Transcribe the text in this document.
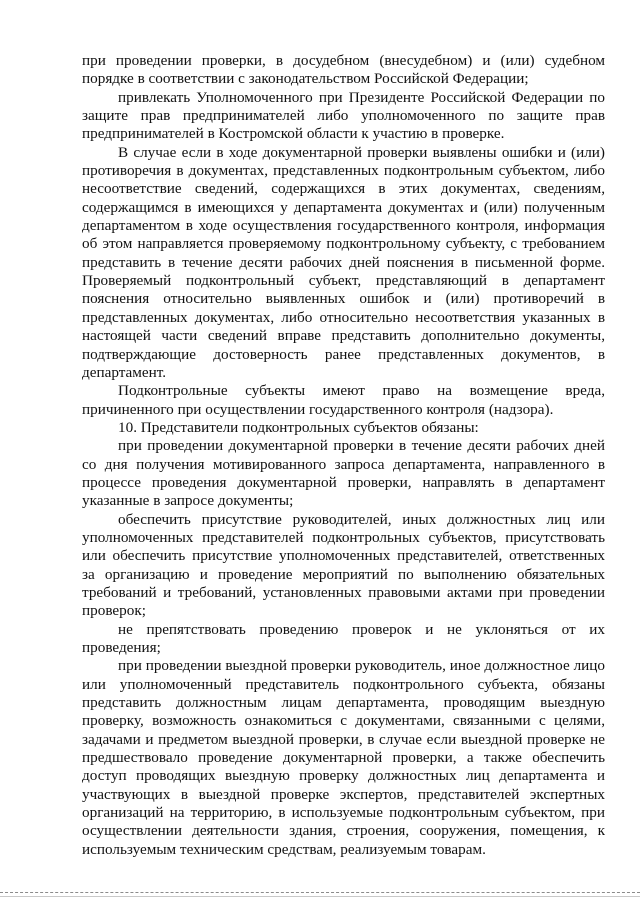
при проведении проверки, в досудебном (внесудебном) и (или) судебном порядке в соответствии с законодательством Российской Федерации;

привлекать Уполномоченного при Президенте Российской Федерации по защите прав предпринимателей либо уполномоченного по защите прав предпринимателей в Костромской области к участию в проверке.

В случае если в ходе документарной проверки выявлены ошибки и (или) противоречия в документах, представленных подконтрольным субъектом, либо несоответствие сведений, содержащихся в этих документах, сведениям, содержащимся в имеющихся у департамента документах и (или) полученным департаментом в ходе осуществления государственного контроля, информация об этом направляется проверяемому подконтрольному субъекту, с требованием представить в течение десяти рабочих дней пояснения в письменной форме. Проверяемый подконтрольный субъект, представляющий в департамент пояснения относительно выявленных ошибок и (или) противоречий в представленных документах, либо относительно несоответствия указанных в настоящей части сведений вправе представить дополнительно документы, подтверждающие достоверность ранее представленных документов, в департамент.

Подконтрольные субъекты имеют право на возмещение вреда, причиненного при осуществлении государственного контроля (надзора).

10. Представители подконтрольных субъектов обязаны:

при проведении документарной проверки в течение десяти рабочих дней со дня получения мотивированного запроса департамента, направленного в процессе проведения документарной проверки, направлять в департамент указанные в запросе документы;

обеспечить присутствие руководителей, иных должностных лиц или уполномоченных представителей подконтрольных субъектов, присутствовать или обеспечить присутствие уполномоченных представителей, ответственных за организацию и проведение мероприятий по выполнению обязательных требований и требований, установленных правовыми актами при проведении проверок;

не препятствовать проведению проверок и не уклоняться от их проведения;

при проведении выездной проверки руководитель, иное должностное лицо или уполномоченный представитель подконтрольного субъекта, обязаны представить должностным лицам департамента, проводящим выездную проверку, возможность ознакомиться с документами, связанными с целями, задачами и предметом выездной проверки, в случае если выездной проверке не предшествовало проведение документарной проверки, а также обеспечить доступ проводящих выездную проверку должностных лиц департамента и участвующих в выездной проверке экспертов, представителей экспертных организаций на территорию, в используемые подконтрольным субъектом, при осуществлении деятельности здания, строения, сооружения, помещения, к используемым техническим средствам, реализуемым товарам.
